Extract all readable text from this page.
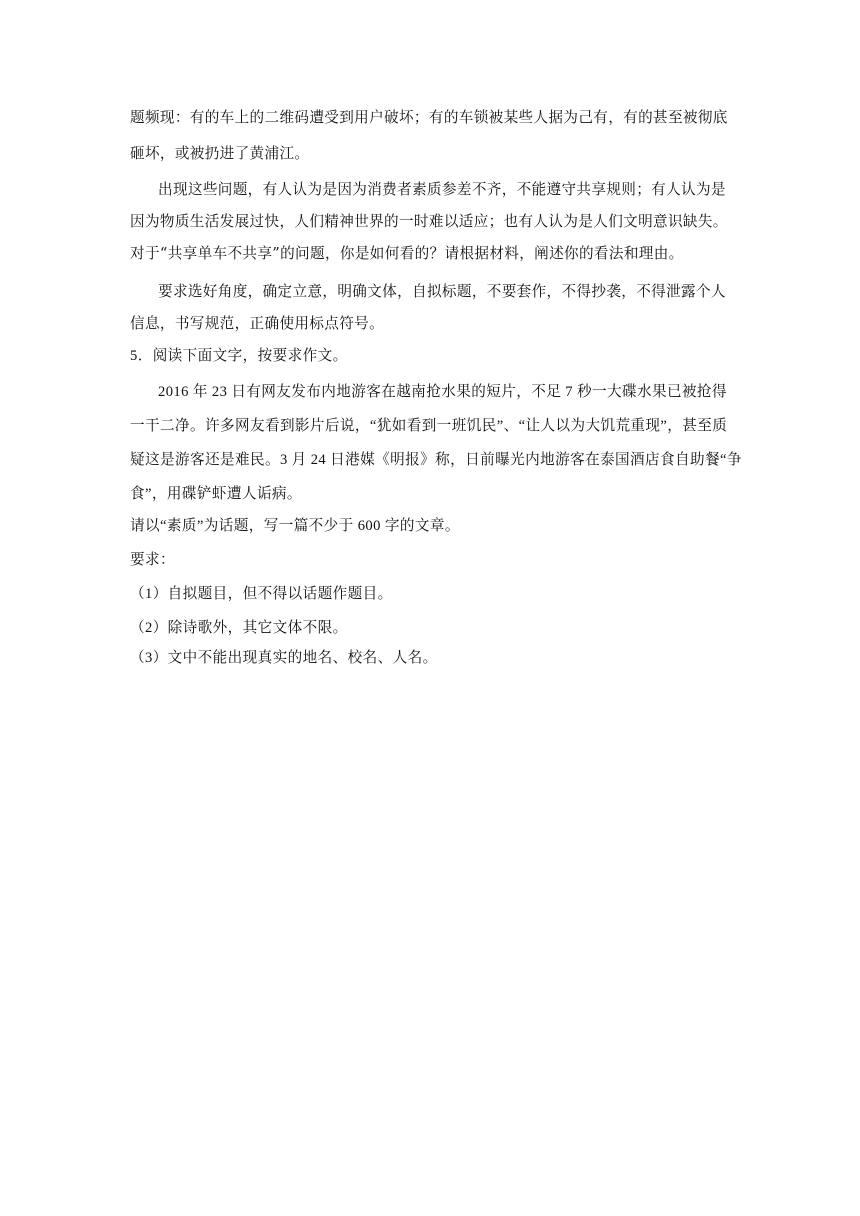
题频现：有的车上的二维码遭受到用户破坏；有的车锁被某些人据为己有，有的甚至被彻底
砸坏，或被扔进了黄浦江。
出现这些问题，有人认为是因为消费者素质参差不齐，不能遵守共享规则；有人认为是
因为物质生活发展过快，人们精神世界的一时难以适应；也有人认为是人们文明意识缺失。
对于“共享单车不共享”的问题，你是如何看的？请根据材料，阐述你的看法和理由。
要求选好角度，确定立意，明确文体，自拟标题，不要套作，不得抄袭，不得泄露个人
信息，书写规范，正确使用标点符号。
5．阅读下面文字，按要求作文。
2016 年 23 日有网友发布内地游客在越南抢水果的短片，不足 7 秒一大碟水果已被抢得
一干二净。许多网友看到影片后说，“犹如看到一班饥民”、“让人以为大饥荒重现”，甚至质
疑这是游客还是难民。3 月 24 日港媒《明报》称，日前曝光内地游客在泰国酒店食自助餐“争
食”，用碟铲虾遭人诟病。
请以“素质”为话题，写一篇不少于 600 字的文章。
要求：
（1）自拟题目，但不得以话题作题目。
（2）除诗歌外，其它文体不限。
（3）文中不能出现真实的地名、校名、人名。
